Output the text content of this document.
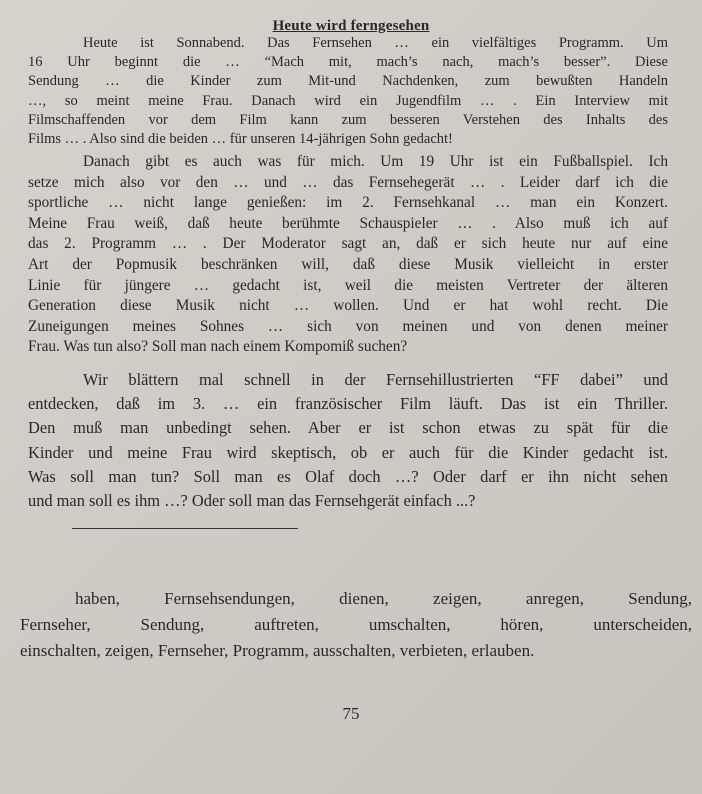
Heute wird ferngesehen
Heute ist Sonnabend. Das Fernsehen … ein vielfältiges Programm. Um
16 Uhr beginnt die … “Mach mit, mach’s nach, mach’s besser”. Diese
Sendung … die Kinder zum Mit-und Nachdenken, zum bewußten Handeln
…, so meint meine Frau. Danach wird ein Jugendfilm … . Ein Interview mit
Filmschaffenden vor dem Film kann zum besseren Verstehen des Inhalts des
Films … . Also sind die beiden … für unseren 14-jährigen Sohn gedacht!
Danach gibt es auch was für mich. Um 19 Uhr ist ein Fußballspiel. Ich
setze mich also vor den … und … das Fernsehegerät … . Leider darf ich die
sportliche … nicht lange genießen: im 2. Fernsehkanal … man ein Konzert.
Meine Frau weiß, daß heute berühmte Schauspieler … . Also muß ich auf
das 2. Programm … . Der Moderator sagt an, daß er sich heute nur auf eine
Art der Popmusik beschränken will, daß diese Musik vielleicht in erster
Linie für jüngere … gedacht ist, weil die meisten Vertreter der älteren
Generation diese Musik nicht … wollen. Und er hat wohl recht. Die
Zuneigungen meines Sohnes … sich von meinen und von denen meiner
Frau. Was tun also? Soll man nach einem Kompomiß suchen?
Wir blättern mal schnell in der Fernsehillustrierten “FF dabei” und
entdecken, daß im 3. … ein französischer Film läuft. Das ist ein Thriller.
Den muß man unbedingt sehen. Aber er ist schon etwas zu spät für die
Kinder und meine Frau wird skeptisch, ob er auch für die Kinder gedacht ist.
Was soll man tun? Soll man es Olaf doch …? Oder darf er ihn nicht sehen
und man soll es ihm …? Oder soll man das Fernsehgerät einfach ...?
haben, Fernsehsendungen, dienen, zeigen, anregen, Sendung,
Fernseher, Sendung, auftreten, umschalten, hören, unterscheiden,
einschalten, zeigen, Fernseher, Programm, ausschalten, verbieten, erlauben.
75
